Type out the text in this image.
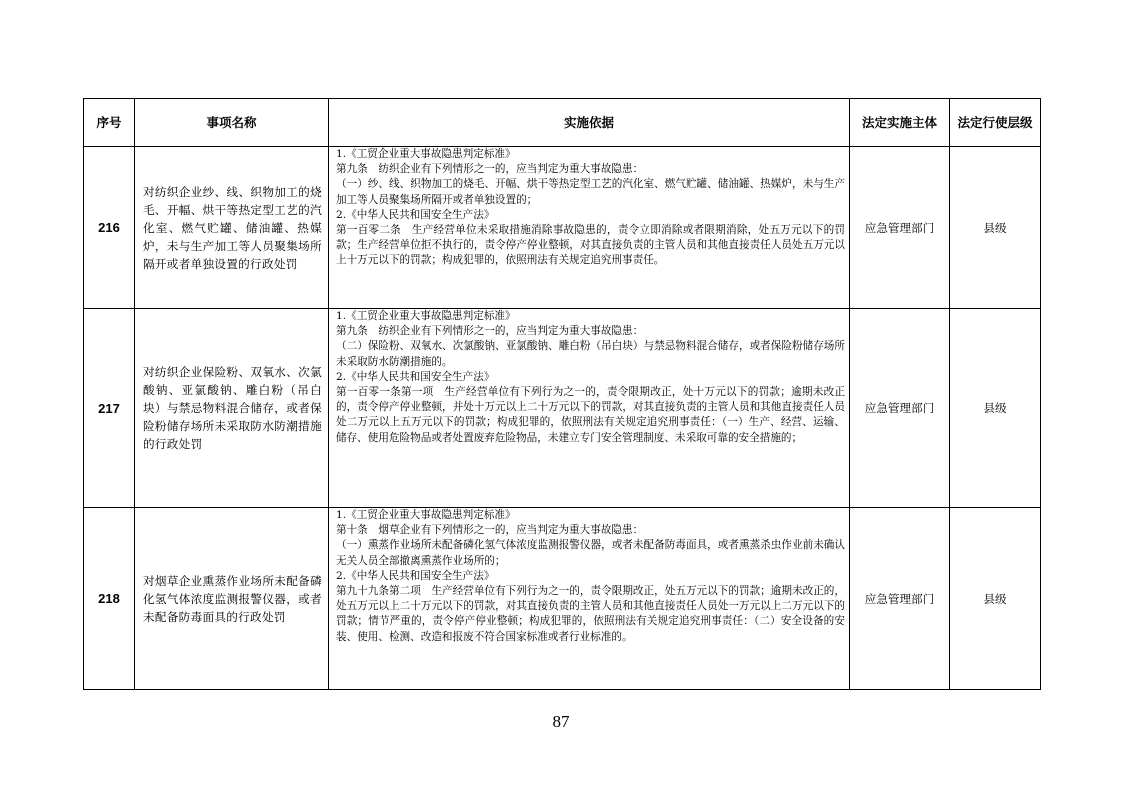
序号	事项名称	实施依据	法定实施主体	法定行使层级
216	对纺织企业纱、线、织物加工的烧毛、开幅、烘干等热定型工艺的汽化室、燃气贮罐、储油罐、热媒炉，未与生产加工等人员聚集场所隔开或者单独设置的行政处罚	1.《工贸企业重大事故隐患判定标准》
第九条　纺织企业有下列情形之一的，应当判定为重大事故隐患：
（一）纱、线、织物加工的烧毛、开幅、烘干等热定型工艺的汽化室、燃气贮罐、储油罐、热媒炉，未与生产加工等人员聚集场所隔开或者单独设置的；
2.《中华人民共和国安全生产法》
第一百零二条　生产经营单位未采取措施消除事故隐患的，责令立即消除或者限期消除，处五万元以下的罚款；生产经营单位拒不执行的，责令停产停业整顿，对其直接负责的主管人员和其他直接责任人员处五万元以上十万元以下的罚款；构成犯罪的，依照刑法有关规定追究刑事责任。	应急管理部门	县级
217	对纺织企业保险粉、双氧水、次氯酸钠、亚氯酸钠、雕白粉（吊白块）与禁忌物料混合储存，或者保险粉储存场所未采取防水防潮措施的行政处罚	1.《工贸企业重大事故隐患判定标准》
第九条　纺织企业有下列情形之一的，应当判定为重大事故隐患：
（二）保险粉、双氧水、次氯酸钠、亚氯酸钠、雕白粉（吊白块）与禁忌物料混合储存，或者保险粉储存场所未采取防水防潮措施的。
2.《中华人民共和国安全生产法》
第一百零一条第一项　生产经营单位有下列行为之一的，责令限期改正，处十万元以下的罚款；逾期未改正的，责令停产停业整顿，并处十万元以上二十万元以下的罚款，对其直接负责的主管人员和其他直接责任人员处二万元以上五万元以下的罚款；构成犯罪的，依照刑法有关规定追究刑事责任：（一）生产、经营、运输、储存、使用危险物品或者处置废弃危险物品，未建立专门安全管理制度、未采取可靠的安全措施的；	应急管理部门	县级
218	对烟草企业熏蒸作业场所未配备磷化氢气体浓度监测报警仪器，或者未配备防毒面具的行政处罚	1.《工贸企业重大事故隐患判定标准》
第十条　烟草企业有下列情形之一的，应当判定为重大事故隐患：
（一）熏蒸作业场所未配备磷化氢气体浓度监测报警仪器，或者未配备防毒面具，或者熏蒸杀虫作业前未确认无关人员全部撤离熏蒸作业场所的；
2.《中华人民共和国安全生产法》
第九十九条第二项　生产经营单位有下列行为之一的，责令限期改正，处五万元以下的罚款；逾期未改正的，处五万元以上二十万元以下的罚款，对其直接负责的主管人员和其他直接责任人员处一万元以上二万元以下的罚款；情节严重的，责令停产停业整顿；构成犯罪的，依照刑法有关规定追究刑事责任：（二）安全设备的安装、使用、检测、改造和报废不符合国家标准或者行业标准的。	应急管理部门	县级
87
